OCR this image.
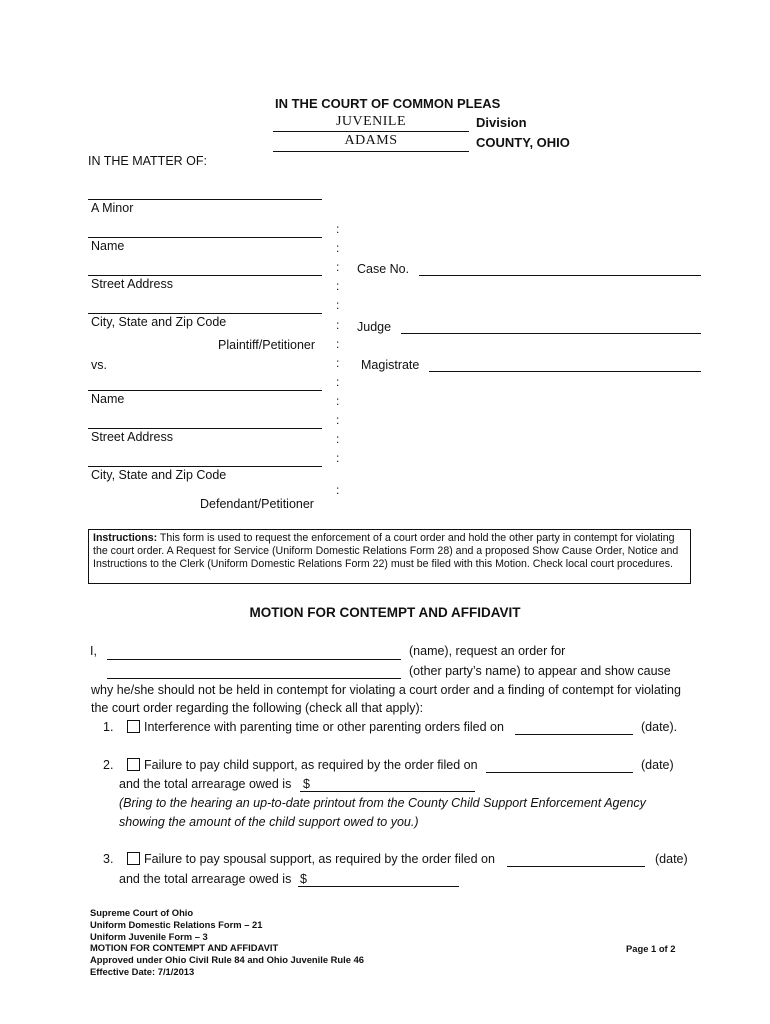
IN THE COURT OF COMMON PLEAS
JUVENILE	Division
ADAMS	COUNTY, OHIO
IN THE MATTER OF:
A Minor
Name
Street Address
City, State and Zip Code
Plaintiff/Petitioner
vs.
Name
Street Address
City, State and Zip Code
Defendant/Petitioner
:
:
:
:
:
:
:
:
:
:
:
:
:
:
Case No.
Judge
Magistrate
Instructions: This form is used to request the enforcement of a court order and hold the other party in contempt for violating the court order. A Request for Service (Uniform Domestic Relations Form 28) and a proposed Show Cause Order, Notice and Instructions to the Clerk (Uniform Domestic Relations Form 22) must be filed with this Motion. Check local court procedures.
MOTION FOR CONTEMPT AND AFFIDAVIT
I,	(name), request an order for
(other party’s name) to appear and show cause
why he/she should not be held in contempt for violating a court order and a finding of contempt for violating
the court order regarding the following (check all that apply):
1. Interference with parenting time or other parenting orders filed on	(date).
2. Failure to pay child support, as required by the order filed on	(date)
and the total arrearage owed is $
(Bring to the hearing an up-to-date printout from the County Child Support Enforcement Agency
showing the amount of the child support owed to you.)
3. Failure to pay spousal support, as required by the order filed on	(date)
and the total arrearage owed is $
Supreme Court of Ohio
Uniform Domestic Relations Form – 21
Uniform Juvenile Form – 3
MOTION FOR CONTEMPT AND AFFIDAVIT
Approved under Ohio Civil Rule 84 and Ohio Juvenile Rule 46
Effective Date: 7/1/2013
Page 1 of 2
